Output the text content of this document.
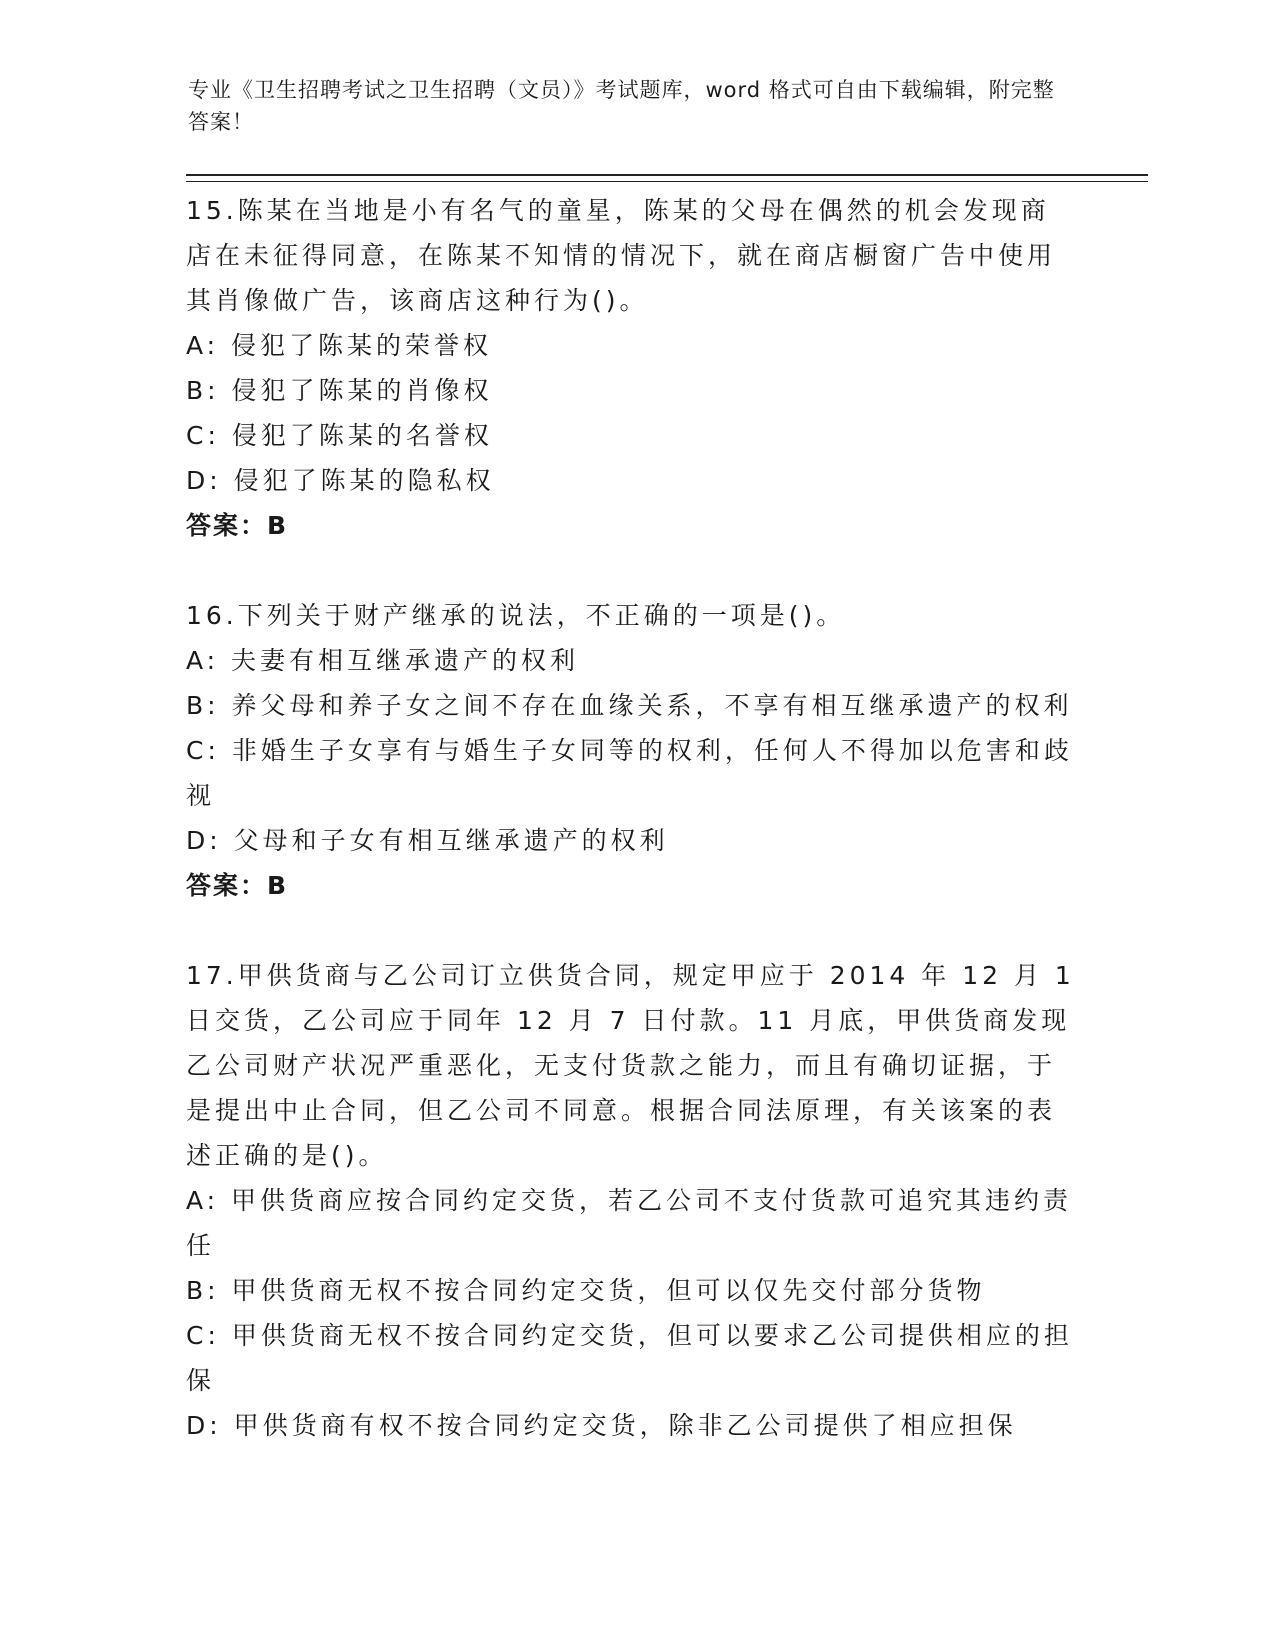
专业《卫生招聘考试之卫生招聘（文员）》考试题库，word 格式可自由下载编辑，附完整答案！
15.陈某在当地是小有名气的童星，陈某的父母在偶然的机会发现商店在未征得同意，在陈某不知情的情况下，就在商店橱窗广告中使用其肖像做广告，该商店这种行为()。
A: 侵犯了陈某的荣誉权
B: 侵犯了陈某的肖像权
C: 侵犯了陈某的名誉权
D: 侵犯了陈某的隐私权
答案：B
16.下列关于财产继承的说法，不正确的一项是()。
A: 夫妻有相互继承遗产的权利
B: 养父母和养子女之间不存在血缘关系，不享有相互继承遗产的权利
C: 非婚生子女享有与婚生子女同等的权利，任何人不得加以危害和歧视
D: 父母和子女有相互继承遗产的权利
答案：B
17.甲供货商与乙公司订立供货合同，规定甲应于 2014 年 12 月 1 日交货，乙公司应于同年 12 月 7 日付款。11 月底，甲供货商发现乙公司财产状况严重恶化，无支付货款之能力，而且有确切证据，于是提出中止合同，但乙公司不同意。根据合同法原理，有关该案的表述正确的是()。
A: 甲供货商应按合同约定交货，若乙公司不支付货款可追究其违约责任
B: 甲供货商无权不按合同约定交货，但可以仅先交付部分货物
C: 甲供货商无权不按合同约定交货，但可以要求乙公司提供相应的担保
D: 甲供货商有权不按合同约定交货，除非乙公司提供了相应担保
